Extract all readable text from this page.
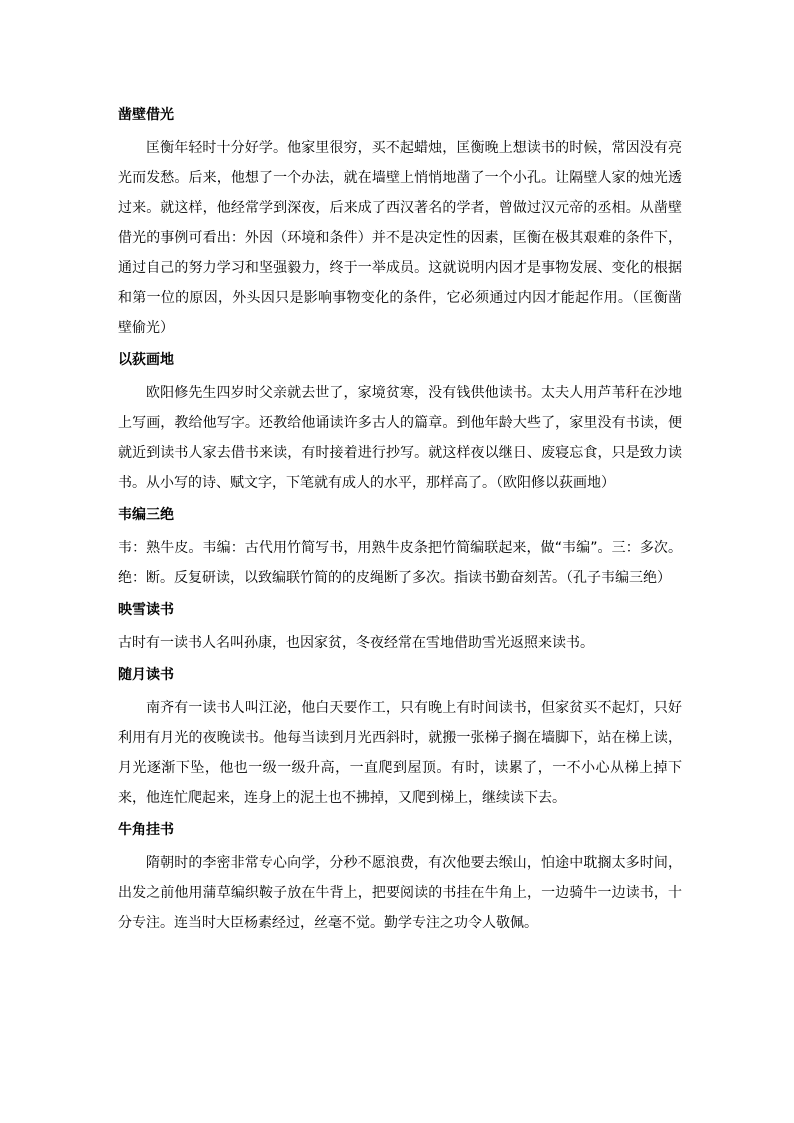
凿壁借光

匡衡年轻时十分好学。他家里很穷，买不起蜡烛，匡衡晚上想读书的时候，常因没有亮光而发愁。后来，他想了一个办法，就在墙壁上悄悄地凿了一个小孔。让隔壁人家的烛光透过来。就这样，他经常学到深夜，后来成了西汉著名的学者，曾做过汉元帝的丞相。从凿壁借光的事例可看出：外因（环境和条件）并不是决定性的因素，匡衡在极其艰难的条件下，通过自己的努力学习和坚强毅力，终于一举成员。这就说明内因才是事物发展、变化的根据和第一位的原因，外头因只是影响事物变化的条件，它必须通过内因才能起作用。（匡衡凿壁偷光）

以荻画地

欧阳修先生四岁时父亲就去世了，家境贫寒，没有钱供他读书。太夫人用芦苇秆在沙地上写画，教给他写字。还教给他诵读许多古人的篇章。到他年龄大些了，家里没有书读，便就近到读书人家去借书来读，有时接着进行抄写。就这样夜以继日、废寝忘食，只是致力读书。从小写的诗、赋文字，下笔就有成人的水平，那样高了。（欧阳修以荻画地）

韦编三绝

韦：熟牛皮。韦编：古代用竹简写书，用熟牛皮条把竹简编联起来，做“韦编”。三：多次。绝：断。反复研读，以致编联竹简的的皮绳断了多次。指读书勤奋刻苦。（孔子韦编三绝）

映雪读书

古时有一读书人名叫孙康，也因家贫，冬夜经常在雪地借助雪光返照来读书。

随月读书

南齐有一读书人叫江泌，他白天要作工，只有晚上有时间读书，但家贫买不起灯，只好利用有月光的夜晚读书。他每当读到月光西斜时，就搬一张梯子搁在墙脚下，站在梯上读，月光逐渐下坠，他也一级一级升高，一直爬到屋顶。有时，读累了，一不小心从梯上掉下来，他连忙爬起来，连身上的泥土也不拂掉，又爬到梯上，继续读下去。

牛角挂书

隋朝时的李密非常专心向学，分秒不愿浪费，有次他要去缑山，怕途中耽搁太多时间，出发之前他用蒲草编织鞍子放在牛背上，把要阅读的书挂在牛角上，一边骑牛一边读书，十分专注。连当时大臣杨素经过，丝毫不觉。勤学专注之功令人敬佩。
